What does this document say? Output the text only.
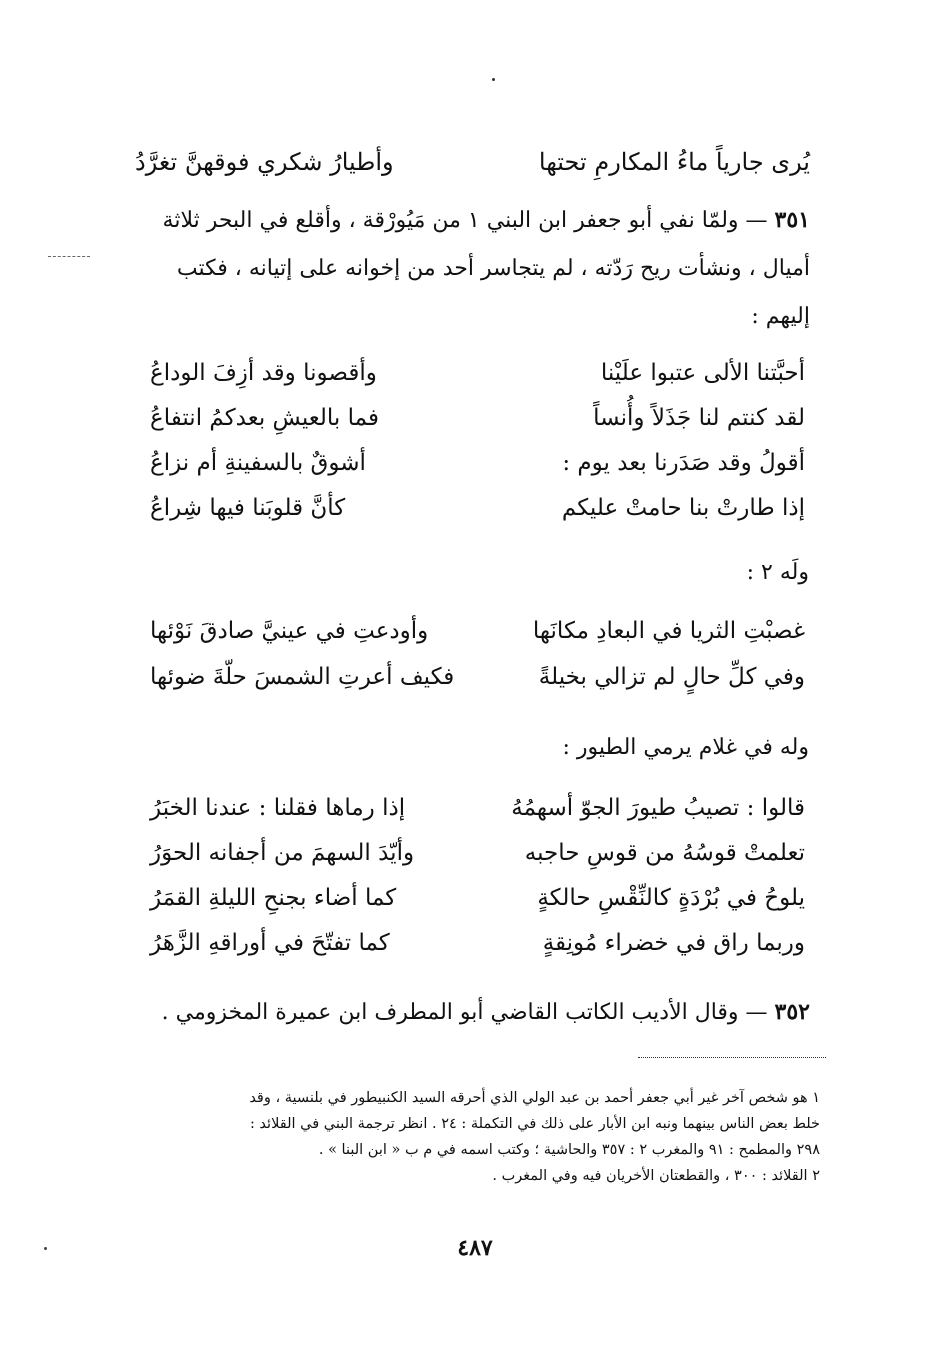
يُرى جارياً ماءُ المكارمِ تحتها
وأطيارُ شكري فوقهنَّ تغرَّدُ
٣٥١ — ولمّا نفي أبو جعفر ابن البني ١ من مَيُورْقة ، وأقلع في البحر ثلاثة
أميال ، ونشأت ريح رَدّته ، لم يتجاسر أحد من إخوانه على إتيانه ، فكتب
إليهم :
أحبَّتنا الألى عتبوا علَيْنا
وأقصونا وقد أزِفَ الوداعُ
لقد كنتم لنا جَذَلاً وأُنساً
فما بالعيشِ بعدكمُ انتفاعُ
أقولُ وقد صَدَرنا بعد يوم :
أشوقٌ بالسفينةِ أم نزاعُ
إذا طارتْ بنا حامتْ عليكم
كأنَّ قلوبَنا فيها شِراعُ
ولَه ٢ :
غصبْتِ الثريا في البعادِ مكانَها
وأودعتِ في عينيَّ صادقَ نَوْئها
وفي كلِّ حالٍ لم تزالي بخيلةً
فكيف أعرتِ الشمسَ حلّةَ ضوئها
وله في غلام يرمي الطيور :
قالوا : تصيبُ طيورَ الجوّ أسهمُهُ
إذا رماها فقلنا : عندنا الخبَرُ
تعلمتْ قوسُهُ من قوسِ حاجبه
وأيّدَ السهمَ من أجفانه الحوَرُ
يلوحُ في بُرْدَةٍ كالنِّقْسِ حالكةٍ
كما أضاء بجنحِ الليلةِ القمَرُ
وربما راق في خضراء مُونِقةٍ
كما تفتّحَ في أوراقهِ الزَّهَرُ
٣٥٢ — وقال الأديب الكاتب القاضي أبو المطرف ابن عميرة المخزومي .
١ هو شخص آخر غير أبي جعفر أحمد بن عبد الولي الذي أحرقه السيد الكنبيطور في بلنسية ، وقد
خلط بعض الناس بينهما ونبه ابن الأبار على ذلك في التكملة : ٢٤ . انظر ترجمة البني في القلائد :
٢٩٨ والمطمح : ٩١ والمغرب ٢ : ٣٥٧ والحاشية ؛ وكتب اسمه في م ب « ابن البنا » .
٢ القلائد : ٣٠٠ ، والقطعتان الأخريان فيه وفي المغرب .
٤٨٧
